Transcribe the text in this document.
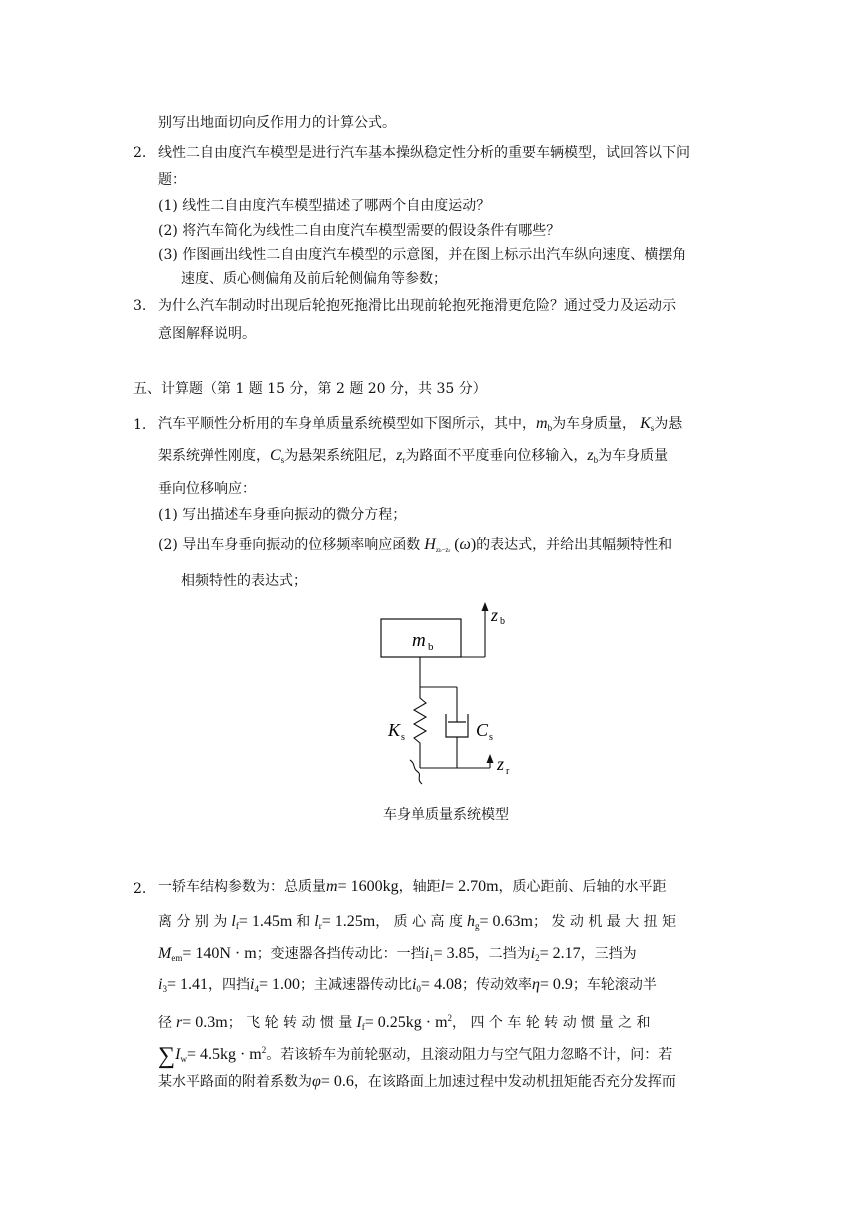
别写出地面切向反作用力的计算公式。
2. 线性二自由度汽车模型是进行汽车基本操纵稳定性分析的重要车辆模型，试回答以下问
题：
(1) 线性二自由度汽车模型描述了哪两个自由度运动？
(2) 将汽车简化为线性二自由度汽车模型需要的假设条件有哪些？
(3) 作图画出线性二自由度汽车模型的示意图，并在图上标示出汽车纵向速度、横摆角
速度、质心侧偏角及前后轮侧偏角等参数；
3. 为什么汽车制动时出现后轮抱死拖滑比出现前轮抱死拖滑更危险？通过受力及运动示
意图解释说明。
五、计算题（第 1 题 15 分，第 2 题 20 分，共 35 分）
1. 汽车平顺性分析用的车身单质量系统模型如下图所示，其中，$m_b$为车身质量， $K_s$为悬
架系统弹性刚度，$C_s$为悬架系统阻尼，$z_r$为路面不平度垂向位移输入，$z_b$为车身质量
垂向位移响应：
(1) 写出描述车身垂向振动的微分方程；
(2) 导出车身垂向振动的位移频率响应函数 $H_{zb-zr}$ (ω)的表达式，并给出其幅频特性和
相频特性的表达式；
m b
z b
K s	C s
z r
车身单质量系统模型
2. 一轿车结构参数为：总质量m= 1600kg，轴距l= 2.70m，质心距前、后轴的水平距
离 分 别 为 $l_f= 1.45m$ 和 $l_r= 1.25m$， 质 心 高 度 $h_g= 0.63m$； 发 动 机 最 大 扭 矩
$M_{em}= 140N \cdot m$；变速器各挡传动比：一挡$i_1= 3.85$，二挡为$i_2= 2.17$，三挡为
$i_3= 1.41$，四挡$i_4= 1.00$；主减速器传动比$i_0= 4.08$；传动效率η= 0.9；车轮滚动半
径 r= 0.3m； 飞 轮 转 动 惯 量 $I_f= 0.25kg \cdot m^2$， 四 个 车 轮 转 动 惯 量 之 和
$\sum I_w= 4.5kg \cdot m^2$。若该轿车为前轮驱动，且滚动阻力与空气阻力忽略不计，问：若
某水平路面的附着系数为φ= 0.6，在该路面上加速过程中发动机扭矩能否充分发挥而
